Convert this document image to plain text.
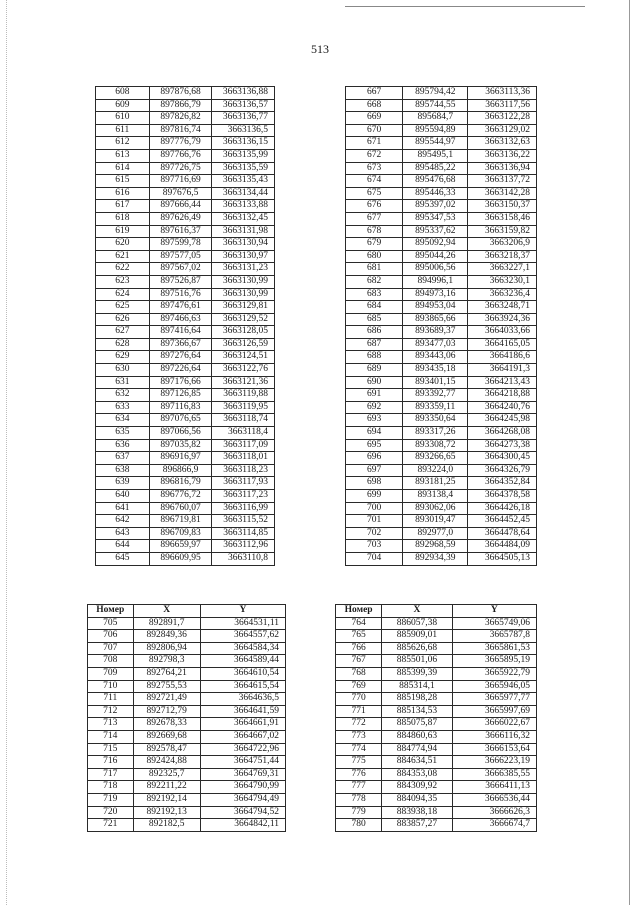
513
608	897876,68	3663136,88
609	897866,79	3663136,57
610	897826,82	3663136,77
611	897816,74	3663136,5
612	897776,79	3663136,15
613	897766,76	3663135,99
614	897726,75	3663135,59
615	897716,69	3663135,43
616	897676,5	3663134,44
617	897666,44	3663133,88
618	897626,49	3663132,45
619	897616,37	3663131,98
620	897599,78	3663130,94
621	897577,05	3663130,97
622	897567,02	3663131,23
623	897526,87	3663130,99
624	897516,76	3663130,99
625	897476,61	3663129,81
626	897466,63	3663129,52
627	897416,64	3663128,05
628	897366,67	3663126,59
629	897276,64	3663124,51
630	897226,64	3663122,76
631	897176,66	3663121,36
632	897126,85	3663119,88
633	897116,83	3663119,95
634	897076,65	3663118,74
635	897066,56	3663118,4
636	897035,82	3663117,09
637	896916,97	3663118,01
638	896866,9	3663118,23
639	896816,79	3663117,93
640	896776,72	3663117,23
641	896760,07	3663116,99
642	896719,81	3663115,52
643	896709,83	3663114,85
644	896659,97	3663112,96
645	896609,95	3663110,8
667	895794,42	3663113,36
668	895744,55	3663117,56
669	895684,7	3663122,28
670	895594,89	3663129,02
671	895544,97	3663132,63
672	895495,1	3663136,22
673	895485,22	3663136,94
674	895476,68	3663137,72
675	895446,33	3663142,28
676	895397,02	3663150,37
677	895347,53	3663158,46
678	895337,62	3663159,82
679	895092,94	3663206,9
680	895044,26	3663218,37
681	895006,56	3663227,1
682	894996,1	3663230,1
683	894973,16	3663236,4
684	894953,04	3663248,71
685	893865,66	3663924,36
686	893689,37	3664033,66
687	893477,03	3664165,05
688	893443,06	3664186,6
689	893435,18	3664191,3
690	893401,15	3664213,43
691	893392,77	3664218,88
692	893359,11	3664240,76
693	893350,64	3664245,98
694	893317,26	3664268,08
695	893308,72	3664273,38
696	893266,65	3664300,45
697	893224,0	3664326,79
698	893181,25	3664352,84
699	893138,4	3664378,58
700	893062,06	3664426,18
701	893019,47	3664452,45
702	892977,0	3664478,64
703	892968,59	3664484,09
704	892934,39	3664505,13
Номер	X	Y
705	892891,7	3664531,11
706	892849,36	3664557,62
707	892806,94	3664584,34
708	892798,3	3664589,44
709	892764,21	3664610,54
710	892755,53	3664615,54
711	892721,49	3664636,5
712	892712,79	3664641,59
713	892678,33	3664661,91
714	892669,68	3664667,02
715	892578,47	3664722,96
716	892424,88	3664751,44
717	892325,7	3664769,31
718	892211,22	3664790,99
719	892192,14	3664794,49
720	892192,13	3664794,52
721	892182,5	3664842,11
Номер	X	Y
764	886057,38	3665749,06
765	885909,01	3665787,8
766	885626,68	3665861,53
767	885501,06	3665895,19
768	885399,39	3665922,79
769	885314,1	3665946,05
770	885198,28	3665977,77
771	885134,53	3665997,69
772	885075,87	3666022,67
773	884860,63	3666116,32
774	884774,94	3666153,64
775	884634,51	3666223,19
776	884353,08	3666385,55
777	884309,92	3666411,13
778	884094,35	3666536,44
779	883938,18	3666626,3
780	883857,27	3666674,7
